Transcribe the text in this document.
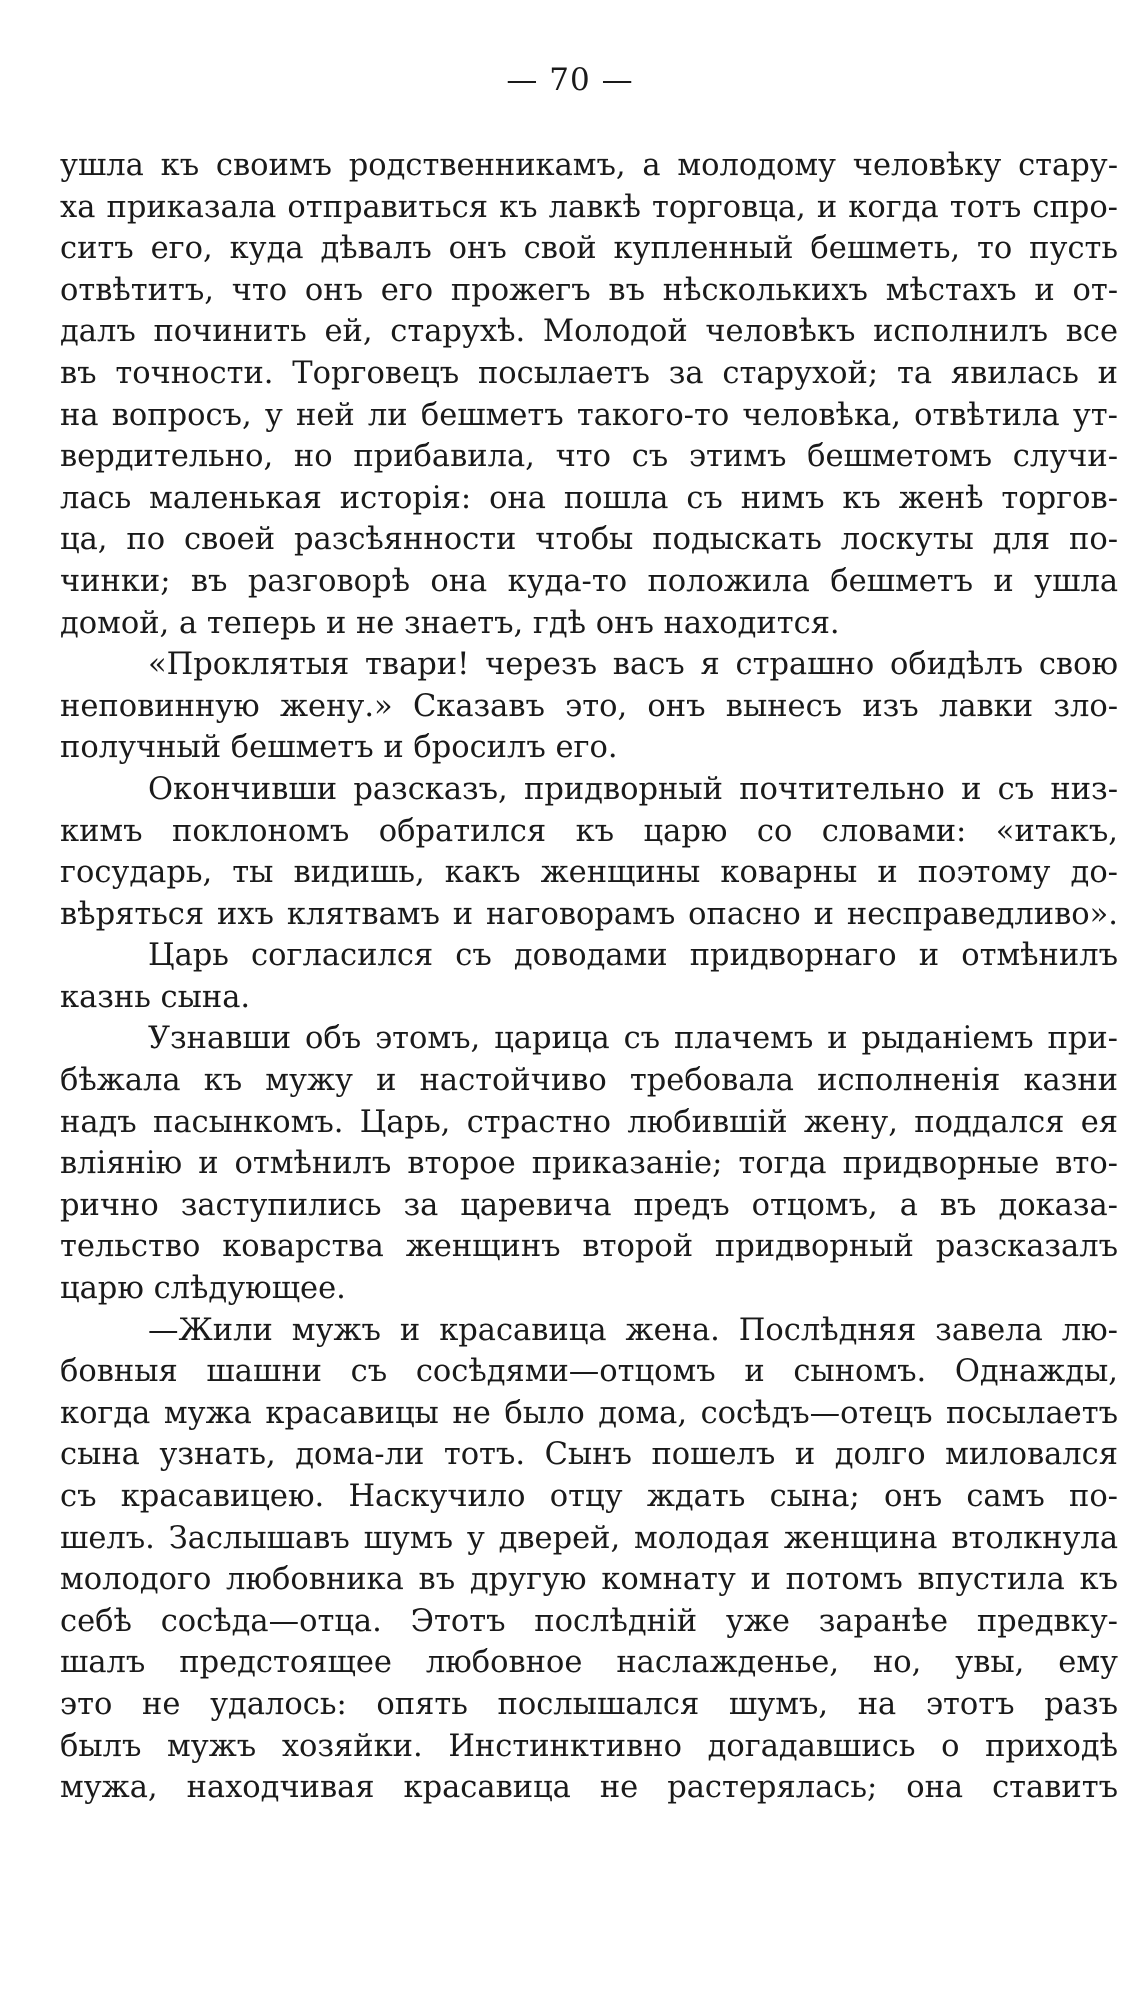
— 70 —
ушла къ своимъ родственникамъ, а молодому человѣку стару-
ха приказала отправиться къ лавкѣ торговца, и когда тотъ спро-
ситъ его, куда дѣвалъ онъ свой купленный бешметь, то пусть
отвѣтитъ, что онъ его прожегъ въ нѣсколькихъ мѣстахъ и от-
далъ починить ей, старухѣ. Молодой человѣкъ исполнилъ все
въ точности. Торговецъ посылаетъ за старухой; та явилась и
на вопросъ, у ней ли бешметъ такого-то человѣка, отвѣтила ут-
вердительно, но прибавила, что съ этимъ бешметомъ случи-
лась маленькая исторія: она пошла съ нимъ къ женѣ торгов-
ца, по своей разсѣянности чтобы подыскать лоскуты для по-
чинки; въ разговорѣ она куда-то положила бешметъ и ушла
домой, а теперь и не знаетъ, гдѣ онъ находится.
«Проклятыя твари! черезъ васъ я страшно обидѣлъ свою
неповинную жену.» Сказавъ это, онъ вынесъ изъ лавки зло-
получный бешметъ и бросилъ его.
Окончивши разсказъ, придворный почтительно и съ низ-
кимъ поклономъ обратился къ царю со словами: «итакъ,
государь, ты видишь, какъ женщины коварны и поэтому до-
вѣряться ихъ клятвамъ и наговорамъ опасно и несправедливо».
Царь согласился съ доводами придворнаго и отмѣнилъ
казнь сына.
Узнавши объ этомъ, царица съ плачемъ и рыданіемъ при-
бѣжала къ мужу и настойчиво требовала исполненія казни
надъ пасынкомъ. Царь, страстно любившій жену, поддался ея
вліянію и отмѣнилъ второе приказаніе; тогда придворные вто-
рично заступились за царевича предъ отцомъ, а въ доказа-
тельство коварства женщинъ второй придворный разсказалъ
царю слѣдующее.
—Жили мужъ и красавица жена. Послѣдняя завела лю-
бовныя шашни съ сосѣдями—отцомъ и сыномъ. Однажды,
когда мужа красавицы не было дома, сосѣдъ—отецъ посылаетъ
сына узнать, дома-ли тотъ. Сынъ пошелъ и долго миловался
съ красавицею. Наскучило отцу ждать сына; онъ самъ по-
шелъ. Заслышавъ шумъ у дверей, молодая женщина втолкнула
молодого любовника въ другую комнату и потомъ впустила къ
себѣ сосѣда—отца. Этотъ послѣдній уже заранѣе предвку-
шалъ предстоящее любовное наслажденье, но, увы, ему
это не удалось: опять послышался шумъ, на этотъ разъ
былъ мужъ хозяйки. Инстинктивно догадавшись о приходѣ
мужа, находчивая красавица не растерялась; она ставитъ
